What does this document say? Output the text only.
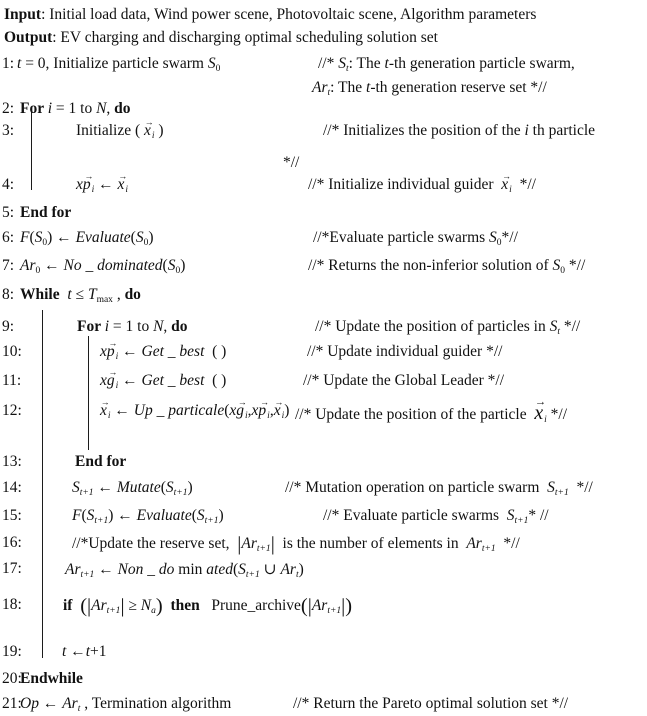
Input: Initial load data, Wind power scene, Photovoltaic scene, Algorithm parameters
Output: EV charging and discharging optimal scheduling solution set
1: t = 0, Initialize particle swarm S0	//* St: The t-th generation particle swarm,
Art: The t-th generation reserve set *//
2: For i = 1 to N, do
3:	Initialize ( x →i )	//* Initializes the position of the i th particle
*//
4:	xp →i ← x →i	//* Initialize individual guider  x →i  *//
5: End for
6: F(S0) ← Evaluate(S0)	//*Evaluate particle swarms S0*//
7: Ar0 ← No _ dominated(S0)	//* Returns the non-inferior solution of S0 *//
8: While  t ≤ Tmax , do
9:	For i = 1 to N, do	//* Update the position of particles in St *//
10:	xp →i ← Get _ best  ( )	//* Update individual guider *//
11:	xg →i ← Get _ best  ( )	//* Update the Global Leader *//
12:	x →i ← Up _ particale(xg →i,xp →i,x →i) //* Update the position of the particle  x →i *//
13:	End for
14:	St+1 ← Mutate(St+1)	//* Mutation operation on particle swarm  St+1  *//
15:	F(St+1) ← Evaluate(St+1)	//* Evaluate particle swarms  St+1* //
16:	//*Update the reserve set,  |Art+1|  is the number of elements in  Art+1  *//
17:	Art+1 ← Non _ do min ated(St+1 ∪ Art)
18:	if  (|Art+1| ≥ Na) then   Prune_archive(|Art+1|)
19:	t ←t+1
20:
Endwhile
21:
Op ← Art , Termination algorithm	//* Return the Pareto optimal solution set *//
